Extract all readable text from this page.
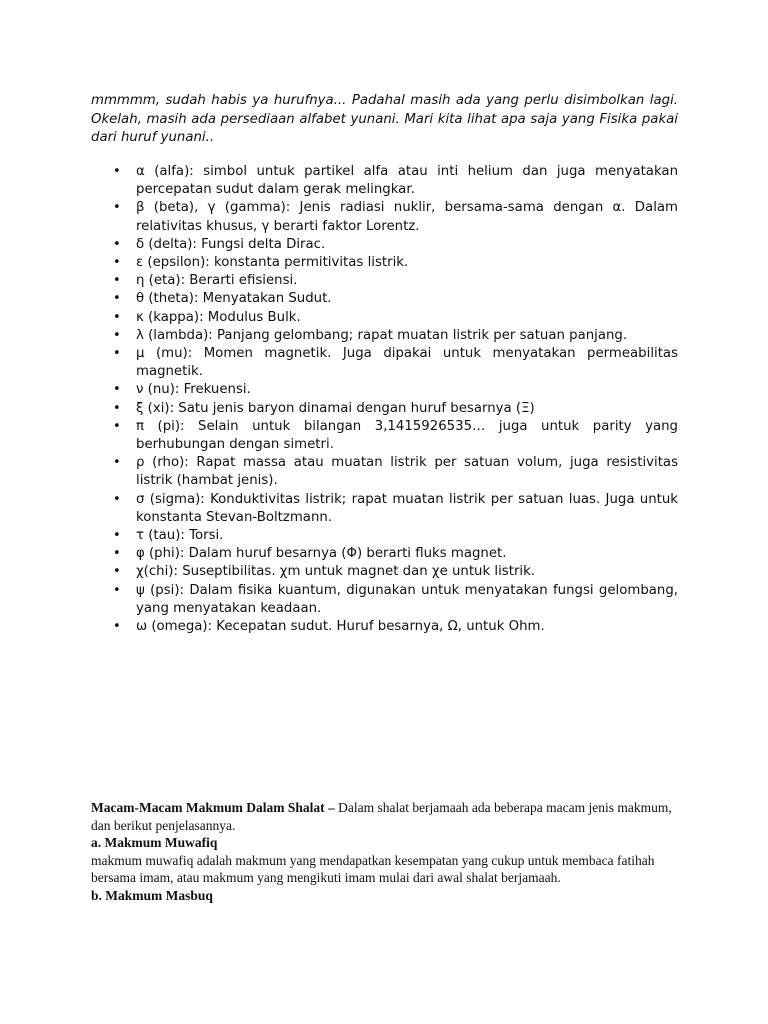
mmmmm, sudah habis ya hurufnya... Padahal masih ada yang perlu disimbolkan lagi. Okelah, masih ada persediaan alfabet yunani. Mari kita lihat apa saja yang Fisika pakai dari huruf yunani..

• α (alfa): simbol untuk partikel alfa atau inti helium dan juga menyatakan percepatan sudut dalam gerak melingkar.
• β (beta), γ (gamma): Jenis radiasi nuklir, bersama-sama dengan α. Dalam relativitas khusus, γ berarti faktor Lorentz.
• δ (delta): Fungsi delta Dirac.
• ε (epsilon): konstanta permitivitas listrik.
• η (eta): Berarti efisiensi.
• θ (theta): Menyatakan Sudut.
• κ (kappa): Modulus Bulk.
• λ (lambda): Panjang gelombang; rapat muatan listrik per satuan panjang.
• μ (mu): Momen magnetik. Juga dipakai untuk menyatakan permeabilitas magnetik.
• ν (nu): Frekuensi.
• ξ (xi): Satu jenis baryon dinamai dengan huruf besarnya (Ξ)
• π (pi): Selain untuk bilangan 3,1415926535… juga untuk parity yang berhubungan dengan simetri.
• ρ (rho): Rapat massa atau muatan listrik per satuan volum, juga resistivitas listrik (hambat jenis).
• σ (sigma): Konduktivitas listrik; rapat muatan listrik per satuan luas. Juga untuk konstanta Stevan-Boltzmann.
• τ (tau): Torsi.
• φ (phi): Dalam huruf besarnya (Φ) berarti fluks magnet.
• χ(chi): Suseptibilitas. χm untuk magnet dan χe untuk listrik.
• ψ (psi): Dalam fisika kuantum, digunakan untuk menyatakan fungsi gelombang, yang menyatakan keadaan.
• ω (omega): Kecepatan sudut. Huruf besarnya, Ω, untuk Ohm.

Macam-Macam Makmum Dalam Shalat – Dalam shalat berjamaah ada beberapa macam jenis makmum, dan berikut penjelasannya.

a. Makmum Muwafiq

makmum muwafiq adalah makmum yang mendapatkan kesempatan yang cukup untuk membaca fatihah bersama imam, atau makmum yang mengikuti imam mulai dari awal shalat berjamaah.

b. Makmum Masbuq
